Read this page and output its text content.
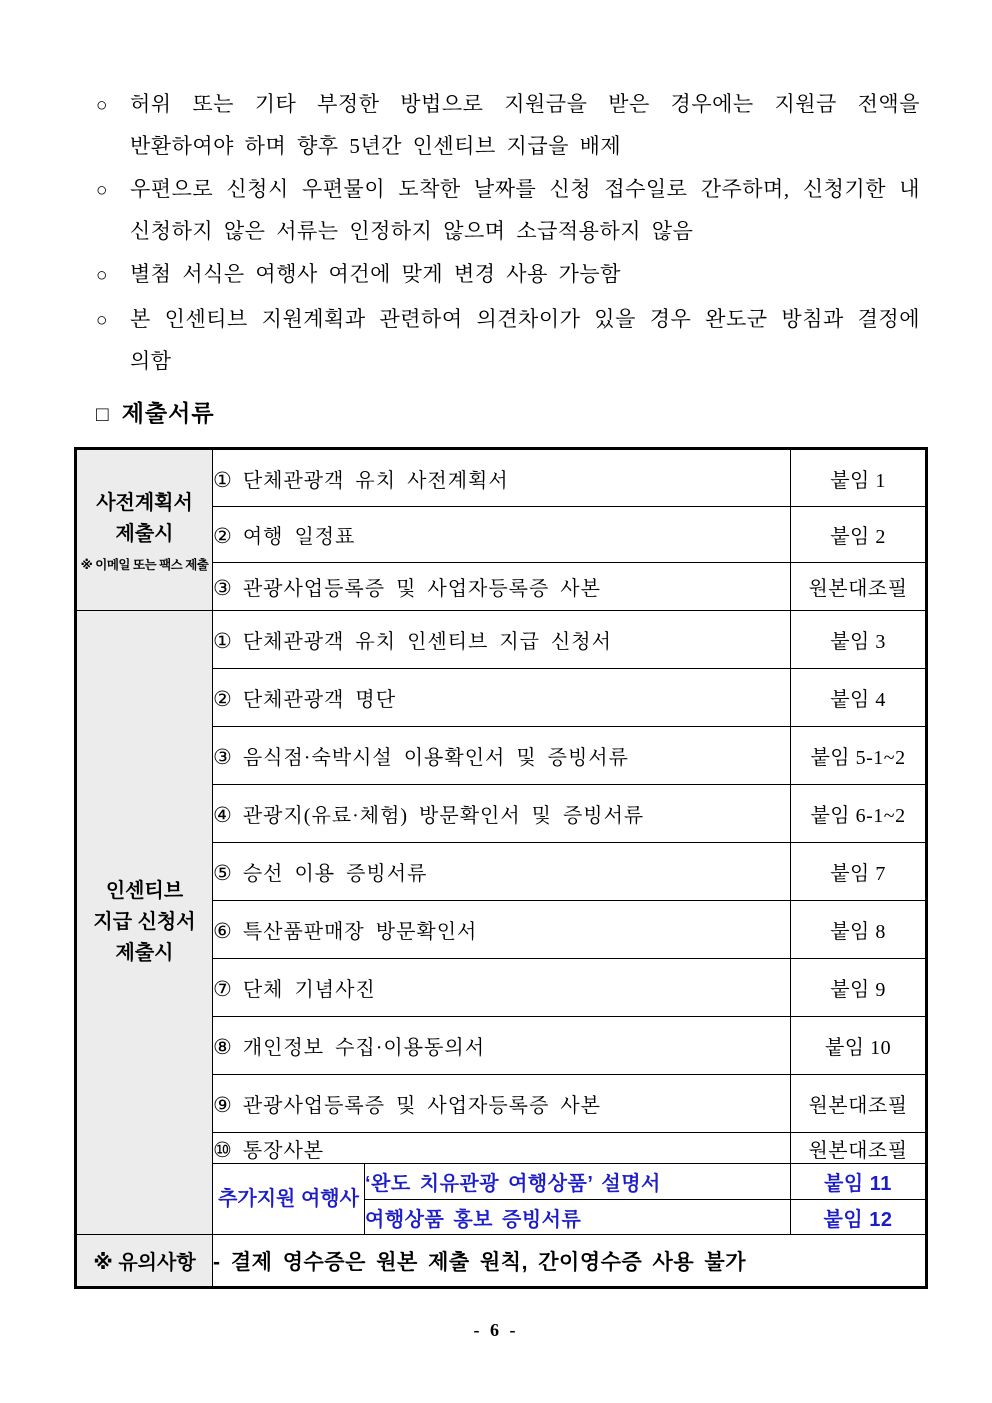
○ 허위 또는 기타 부정한 방법으로 지원금을 받은 경우에는 지원금 전액을 반환하여야 하며 향후 5년간 인센티브 지급을 배제
○ 우편으로 신청시 우편물이 도착한 날짜를 신청 접수일로 간주하며, 신청기한 내 신청하지 않은 서류는 인정하지 않으며 소급적용하지 않음
○ 별첨 서식은 여행사 여건에 맞게 변경 사용 가능함
○ 본 인센티브 지원계획과 관련하여 의견차이가 있을 경우 완도군 방침과 결정에 의함
□ 제출서류
사전계획서
제출시
※ 이메일 또는 팩스 제출	① 단체관광객 유치 사전계획서		붙임 1
	② 여행 일정표		붙임 2
	③ 관광사업등록증 및 사업자등록증 사본		원본대조필

인센티브
지급 신청서
제출시	① 단체관광객 유치 인센티브 지급 신청서		붙임 3
	② 단체관광객 명단		붙임 4
	③ 음식점·숙박시설 이용확인서 및 증빙서류		붙임 5-1~2
	④ 관광지(유료·체험) 방문확인서 및 증빙서류		붙임 6-1~2
	⑤ 승선 이용 증빙서류		붙임 7
	⑥ 특산품판매장 방문확인서		붙임 8
	⑦ 단체 기념사진		붙임 9
	⑧ 개인정보 수집·이용동의서		붙임 10
	⑨ 관광사업등록증 및 사업자등록증 사본		원본대조필
	⑩ 통장사본		원본대조필
	추가지원 여행사	‘완도 치유관광 여행상품’ 설명서	붙임 11
		여행상품 홍보 증빙서류	붙임 12
※ 유의사항	- 결제 영수증은 원본 제출 원칙, 간이영수증 사용 불가		
- 6 -
